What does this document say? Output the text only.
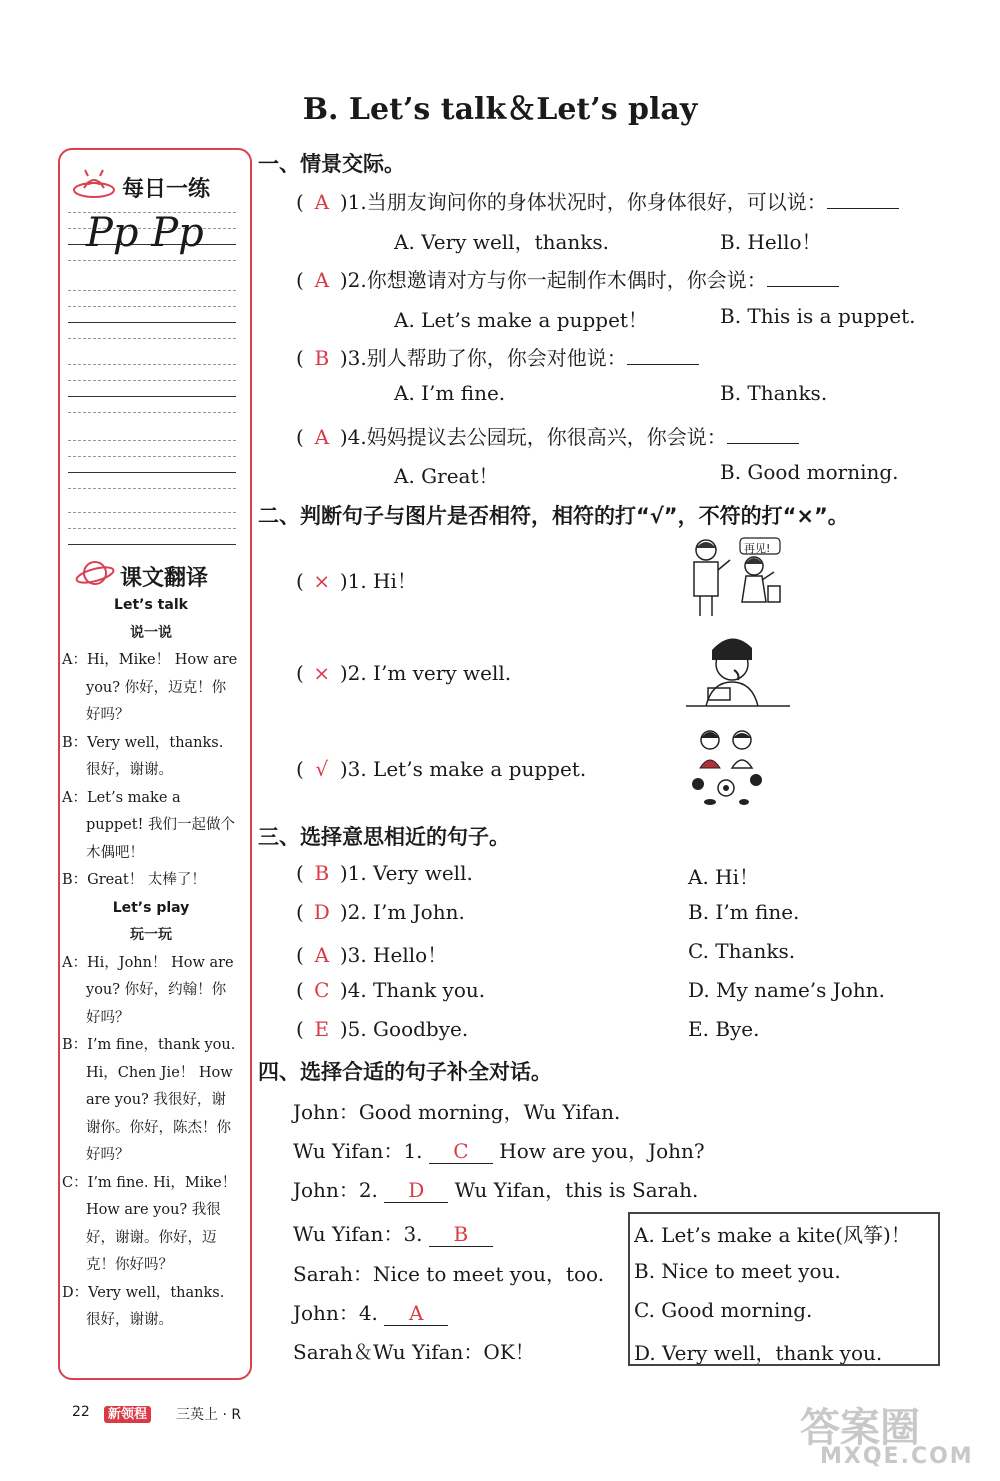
B. Let’s talk＆Let’s play
每日一练
Pp Pp
课文翻译
Let’s talk
说一说
A：Hi，Mike！ How are you? 你好，迈克！你好吗？
B：Very well，thanks. 很好，谢谢。
A：Let’s make a puppet! 我们一起做个木偶吧！
B：Great！ 太棒了！
Let’s play
玩一玩
A：Hi，John！ How are you? 你好，约翰！你好吗？
B：I’m fine，thank you. Hi，Chen Jie！ How are you? 我很好，谢谢你。你好，陈杰！你好吗？
C：I’m fine. Hi，Mike！ How are you? 我很好，谢谢。你好，迈克！你好吗？
D：Very well，thanks. 很好，谢谢。
一、情景交际。
( A )1.当朋友询问你的身体状况时，你身体很好，可以说：
A. Very well，thanks.	B. Hello！
( A )2.你想邀请对方与你一起制作木偶时，你会说：
A. Let’s make a puppet！	B. This is a puppet.
( B )3.别人帮助了你，你会对他说：
A. I’m fine.	B. Thanks.
( A )4.妈妈提议去公园玩，你很高兴，你会说：
A. Great！	B. Good morning.
二、判断句子与图片是否相符，相符的打“√”，不符的打“×”。
( × )1. Hi！
( × )2. I’m very well.
( √ )3. Let’s make a puppet.
再见!
三、选择意思相近的句子。
( B )1. Very well.	A. Hi！
( D )2. I’m John.	B. I’m fine.
( A )3. Hello！	C. Thanks.
( C )4. Thank you.	D. My name’s John.
( E )5. Goodbye.	E. Bye.
四、选择合适的句子补全对话。
John：Good morning，Wu Yifan.
Wu Yifan：1. C How are you，John?
John：2. D Wu Yifan，this is Sarah.
Wu Yifan：3. B
Sarah：Nice to meet you，too.
John：4. A
Sarah＆Wu Yifan：OK！
A. Let’s make a kite(风筝)！
B. Nice to meet you.
C. Good morning.
D. Very well，thank you.
22	新领程 三英上 · R	答案圈
MXQE.COM
